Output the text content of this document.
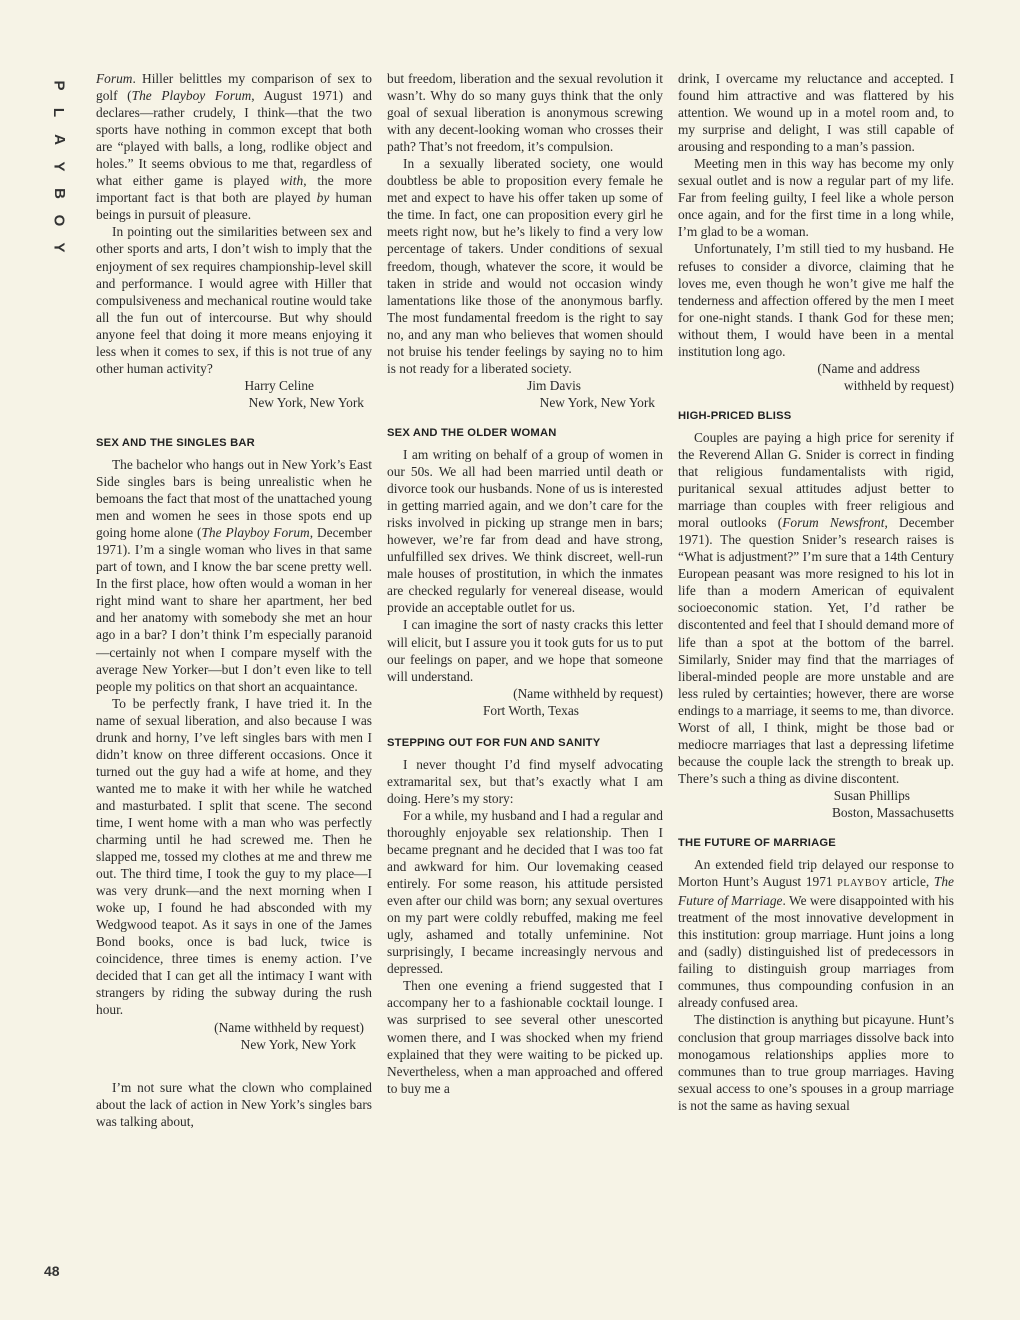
P
L
A
Y
B
O
Y
48

Forum. Hiller belittles my comparison of sex to golf (The Playboy Forum, August 1971) and declares—rather crudely, I think—that the two sports have nothing in common except that both are “played with balls, a long, rodlike object and holes.” It seems obvious to me that, regardless of what either game is played with, the more important fact is that both are played by human beings in pursuit of pleasure.

In pointing out the similarities between sex and other sports and arts, I don’t wish to imply that the enjoyment of sex requires championship-level skill and performance. I would agree with Hiller that compulsiveness and mechanical routine would take all the fun out of intercourse. But why should anyone feel that doing it more means enjoying it less when it comes to sex, if this is not true of any other human activity?

Harry Celine

New York, New York

SEX AND THE SINGLES BAR

The bachelor who hangs out in New York’s East Side singles bars is being unrealistic when he bemoans the fact that most of the unattached young men and women he sees in those spots end up going home alone (The Playboy Forum, December 1971). I’m a single woman who lives in that same part of town, and I know the bar scene pretty well. In the first place, how often would a woman in her right mind want to share her apartment, her bed and her anatomy with somebody she met an hour ago in a bar? I don’t think I’m especially paranoid—certainly not when I compare myself with the average New Yorker—but I don’t even like to tell people my politics on that short an acquaintance.

To be perfectly frank, I have tried it. In the name of sexual liberation, and also because I was drunk and horny, I’ve left singles bars with men I didn’t know on three different occasions. Once it turned out the guy had a wife at home, and they wanted me to make it with her while he watched and masturbated. I split that scene. The second time, I went home with a man who was perfectly charming until he had screwed me. Then he slapped me, tossed my clothes at me and threw me out. The third time, I took the guy to my place—I was very drunk—and the next morning when I woke up, I found he had absconded with my Wedgwood teapot. As it says in one of the James Bond books, once is bad luck, twice is coincidence, three times is enemy action. I’ve decided that I can get all the intimacy I want with strangers by riding the subway during the rush hour.

(Name withheld by request)

New York, New York

I’m not sure what the clown who complained about the lack of action in New York’s singles bars was talking about,

but freedom, liberation and the sexual revolution it wasn’t. Why do so many guys think that the only goal of sexual liberation is anonymous screwing with any decent-looking woman who crosses their path? That’s not freedom, it’s compulsion.

In a sexually liberated society, one would doubtless be able to proposition every female he met and expect to have his offer taken up some of the time. In fact, one can proposition every girl he meets right now, but he’s likely to find a very low percentage of takers. Under conditions of sexual freedom, though, whatever the score, it would be taken in stride and would not occasion windy lamentations like those of the anonymous barfly. The most fundamental freedom is the right to say no, and any man who believes that women should not bruise his tender feelings by saying no to him is not ready for a liberated society.

Jim Davis

New York, New York

SEX AND THE OLDER WOMAN

I am writing on behalf of a group of women in our 50s. We all had been married until death or divorce took our husbands. None of us is interested in getting married again, and we don’t care for the risks involved in picking up strange men in bars; however, we’re far from dead and have strong, unfulfilled sex drives. We think discreet, well-run male houses of prostitution, in which the inmates are checked regularly for venereal disease, would provide an acceptable outlet for us.

I can imagine the sort of nasty cracks this letter will elicit, but I assure you it took guts for us to put our feelings on paper, and we hope that someone will understand.

(Name withheld by request)

Fort Worth, Texas

STEPPING OUT FOR FUN AND SANITY

I never thought I’d find myself advocating extramarital sex, but that’s exactly what I am doing. Here’s my story:

For a while, my husband and I had a regular and thoroughly enjoyable sex relationship. Then I became pregnant and he decided that I was too fat and awkward for him. Our lovemaking ceased entirely. For some reason, his attitude persisted even after our child was born; any sexual overtures on my part were coldly rebuffed, making me feel ugly, ashamed and totally unfeminine. Not surprisingly, I became increasingly nervous and depressed.

Then one evening a friend suggested that I accompany her to a fashionable cocktail lounge. I was surprised to see several other unescorted women there, and I was shocked when my friend explained that they were waiting to be picked up. Nevertheless, when a man approached and offered to buy me a

drink, I overcame my reluctance and accepted. I found him attractive and was flattered by his attention. We wound up in a motel room and, to my surprise and delight, I was still capable of arousing and responding to a man’s passion.

Meeting men in this way has become my only sexual outlet and is now a regular part of my life. Far from feeling guilty, I feel like a whole person once again, and for the first time in a long while, I’m glad to be a woman.

Unfortunately, I’m still tied to my husband. He refuses to consider a divorce, claiming that he loves me, even though he won’t give me half the tenderness and affection offered by the men I meet for one-night stands. I thank God for these men; without them, I would have been in a mental institution long ago.

(Name and address

withheld by request)

HIGH-PRICED BLISS

Couples are paying a high price for serenity if the Reverend Allan G. Snider is correct in finding that religious fundamentalists with rigid, puritanical sexual attitudes adjust better to marriage than couples with freer religious and moral outlooks (Forum Newsfront, December 1971). The question Snider’s research raises is “What is adjustment?” I’m sure that a 14th Century European peasant was more resigned to his lot in life than a modern American of equivalent socioeconomic station. Yet, I’d rather be discontented and feel that I should demand more of life than a spot at the bottom of the barrel. Similarly, Snider may find that the marriages of liberal-minded people are more unstable and are less ruled by certainties; however, there are worse endings to a marriage, it seems to me, than divorce. Worst of all, I think, might be those bad or mediocre marriages that last a depressing lifetime because the couple lack the strength to break up. There’s such a thing as divine discontent.

Susan Phillips

Boston, Massachusetts

THE FUTURE OF MARRIAGE

An extended field trip delayed our response to Morton Hunt’s August 1971 PLAYBOY article, The Future of Marriage. We were disappointed with his treatment of the most innovative development in this institution: group marriage. Hunt joins a long and (sadly) distinguished list of predecessors in failing to distinguish group marriages from communes, thus compounding confusion in an already confused area.

The distinction is anything but picayune. Hunt’s conclusion that group marriages dissolve back into monogamous relationships applies more to communes than to true group marriages. Having sexual access to one’s spouses in a group marriage is not the same as having sexual
